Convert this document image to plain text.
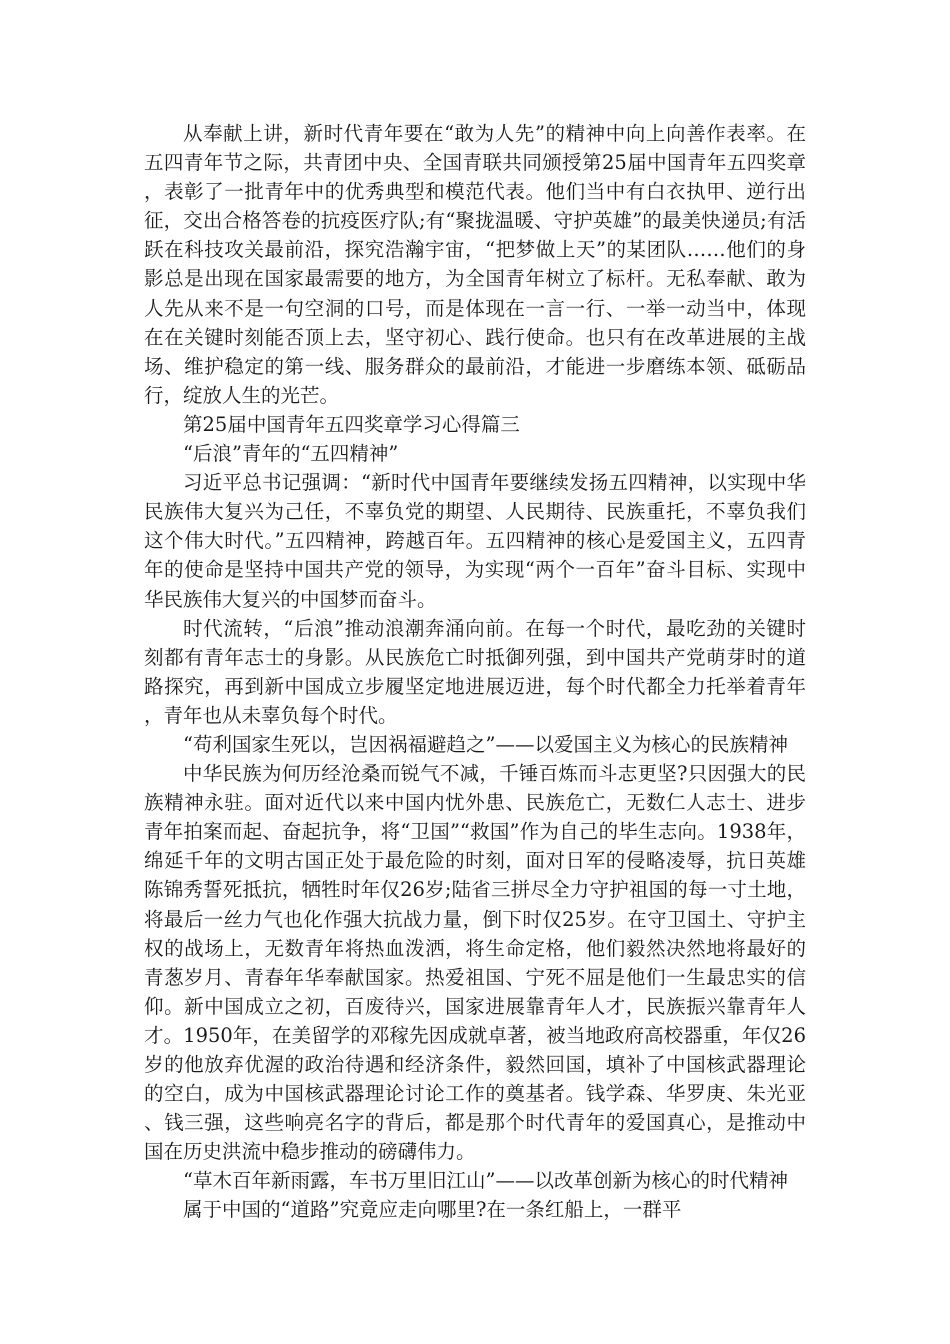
从奉献上讲，新时代青年要在“敢为人先”的精神中向上向善作表率。在五四青年节之际，共青团中央、全国青联共同颁授第25届中国青年五四奖章，表彰了一批青年中的优秀典型和模范代表。他们当中有白衣执甲、逆行出征，交出合格答卷的抗疫医疗队;有“聚拢温暖、守护英雄”的最美快递员;有活跃在科技攻关最前沿，探究浩瀚宇宙，“把梦做上天”的某团队……他们的身影总是出现在国家最需要的地方，为全国青年树立了标杆。无私奉献、敢为人先从来不是一句空洞的口号，而是体现在一言一行、一举一动当中，体现在在关键时刻能否顶上去，坚守初心、践行使命。也只有在改革进展的主战场、维护稳定的第一线、服务群众的最前沿，才能进一步磨练本领、砥砺品行，绽放人生的光芒。

第25届中国青年五四奖章学习心得篇三

“后浪”青年的“五四精神”

习近平总书记强调：“新时代中国青年要继续发扬五四精神，以实现中华民族伟大复兴为己任，不辜负党的期望、人民期待、民族重托，不辜负我们这个伟大时代。”五四精神，跨越百年。五四精神的核心是爱国主义，五四青年的使命是坚持中国共产党的领导，为实现“两个一百年”奋斗目标、实现中华民族伟大复兴的中国梦而奋斗。

时代流转，“后浪”推动浪潮奔涌向前。在每一个时代，最吃劲的关键时刻都有青年志士的身影。从民族危亡时抵御列强，到中国共产党萌芽时的道路探究，再到新中国成立步履坚定地进展迈进，每个时代都全力托举着青年，青年也从未辜负每个时代。

“苟利国家生死以，岂因祸福避趋之”——以爱国主义为核心的民族精神

中华民族为何历经沧桑而锐气不减，千锤百炼而斗志更坚?只因强大的民族精神永驻。面对近代以来中国内忧外患、民族危亡，无数仁人志士、进步青年拍案而起、奋起抗争，将“卫国”“救国”作为自己的毕生志向。1938年，绵延千年的文明古国正处于最危险的时刻，面对日军的侵略凌辱，抗日英雄陈锦秀誓死抵抗，牺牲时年仅26岁;陆省三拼尽全力守护祖国的每一寸土地，将最后一丝力气也化作强大抗战力量，倒下时仅25岁。在守卫国土、守护主权的战场上，无数青年将热血泼洒，将生命定格，他们毅然决然地将最好的青葱岁月、青春年华奉献国家。热爱祖国、宁死不屈是他们一生最忠实的信仰。新中国成立之初，百废待兴，国家进展靠青年人才，民族振兴靠青年人才。1950年，在美留学的邓稼先因成就卓著，被当地政府高校器重，年仅26岁的他放弃优渥的政治待遇和经济条件，毅然回国，填补了中国核武器理论的空白，成为中国核武器理论讨论工作的奠基者。钱学森、华罗庚、朱光亚、钱三强，这些响亮名字的背后，都是那个时代青年的爱国真心，是推动中国在历史洪流中稳步推动的磅礴伟力。

“草木百年新雨露，车书万里旧江山”——以改革创新为核心的时代精神

属于中国的“道路”究竟应走向哪里?在一条红船上，一群平
